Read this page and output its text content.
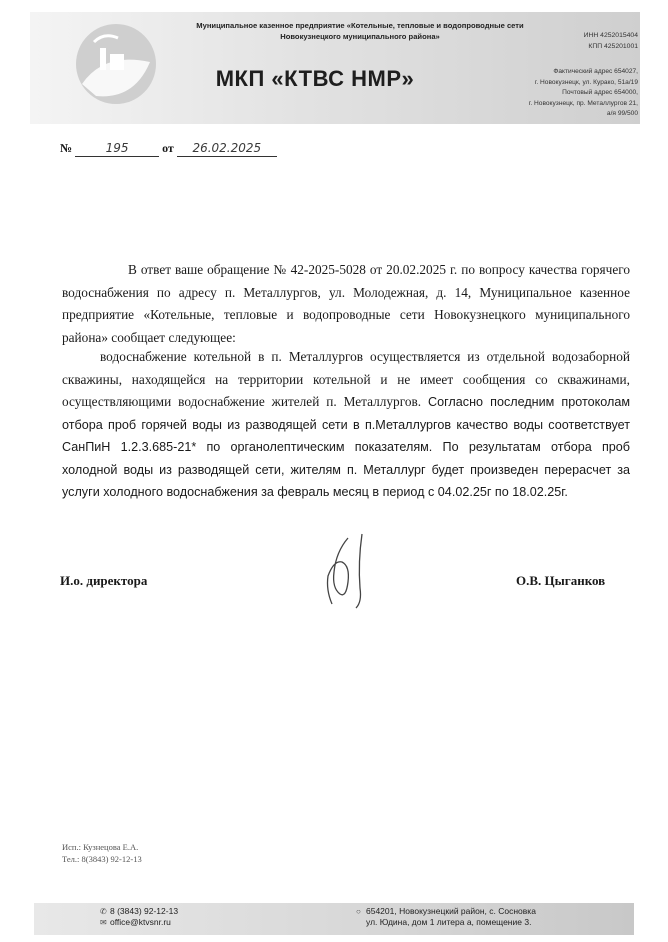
Муниципальное казенное предприятие «Котельные, тепловые и водопроводные сети
Новокузнецкого муниципального района»	ИНН 4252015404
КПП 425201001
МКП «КТВС НМР»	Фактический адрес 654027,
г. Новокузнецк, ул. Курако, 51а/19
Почтовый адрес 654000,
г. Новокузнецк, пр. Металлургов 21,
а/я 99/500
№	195	от 26.02.2025
В ответ ваше обращение № 42-2025-5028 от 20.02.2025 г. по вопросу качества горячего водоснабжения по адресу п. Металлургов, ул. Молодежная, д. 14, Муниципальное казенное предприятие «Котельные, тепловые и водопроводные сети Новокузнецкого муниципального района» сообщает следующее:
водоснабжение котельной в п. Металлургов осуществляется из отдельной водозаборной скважины, находящейся на территории котельной и не имеет сообщения со скважинами, осуществляющими водоснабжение жителей п. Металлургов. Согласно последним протоколам отбора проб горячей воды из разводящей сети в п.Металлургов качество воды соответствует СанПиН 1.2.3.685-21* по органолептическим показателям. По результатам отбора проб холодной воды из разводящей сети, жителям п. Металлург будет произведен перерасчет за услуги холодного водоснабжения за февраль месяц в период с 04.02.25г по 18.02.25г.
И.о. директора	О.В. Цыганков
Исп.: Кузнецова Е.А.
Тел.: 8(3843) 92-12-13
✆ 8 (3843) 92-12-13
✉ office@ktvsnr.ru
○ 654201, Новокузнецкий район, с. Сосновка
ул. Юдина, дом 1 литера а, помещение 3.
